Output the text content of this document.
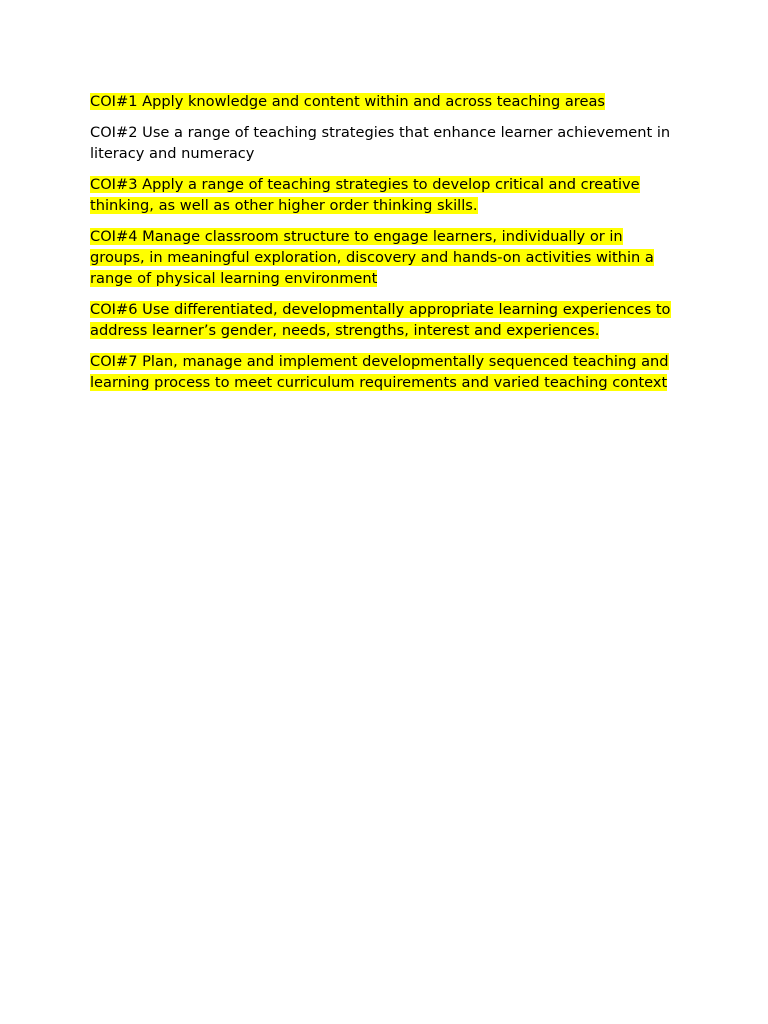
COI#1 Apply knowledge and content within and across teaching areas

COI#2 Use a range of teaching strategies that enhance learner achievement in literacy and numeracy

COI#3 Apply a range of teaching strategies to develop critical and creative thinking, as well as other higher order thinking skills.

COI#4 Manage classroom structure to engage learners, individually or in groups, in meaningful exploration, discovery and hands-on activities within a range of physical learning environment

COI#6 Use differentiated, developmentally appropriate learning experiences to address learner’s gender, needs, strengths, interest and experiences.

COI#7 Plan, manage and implement developmentally sequenced teaching and learning process to meet curriculum requirements and varied teaching context
